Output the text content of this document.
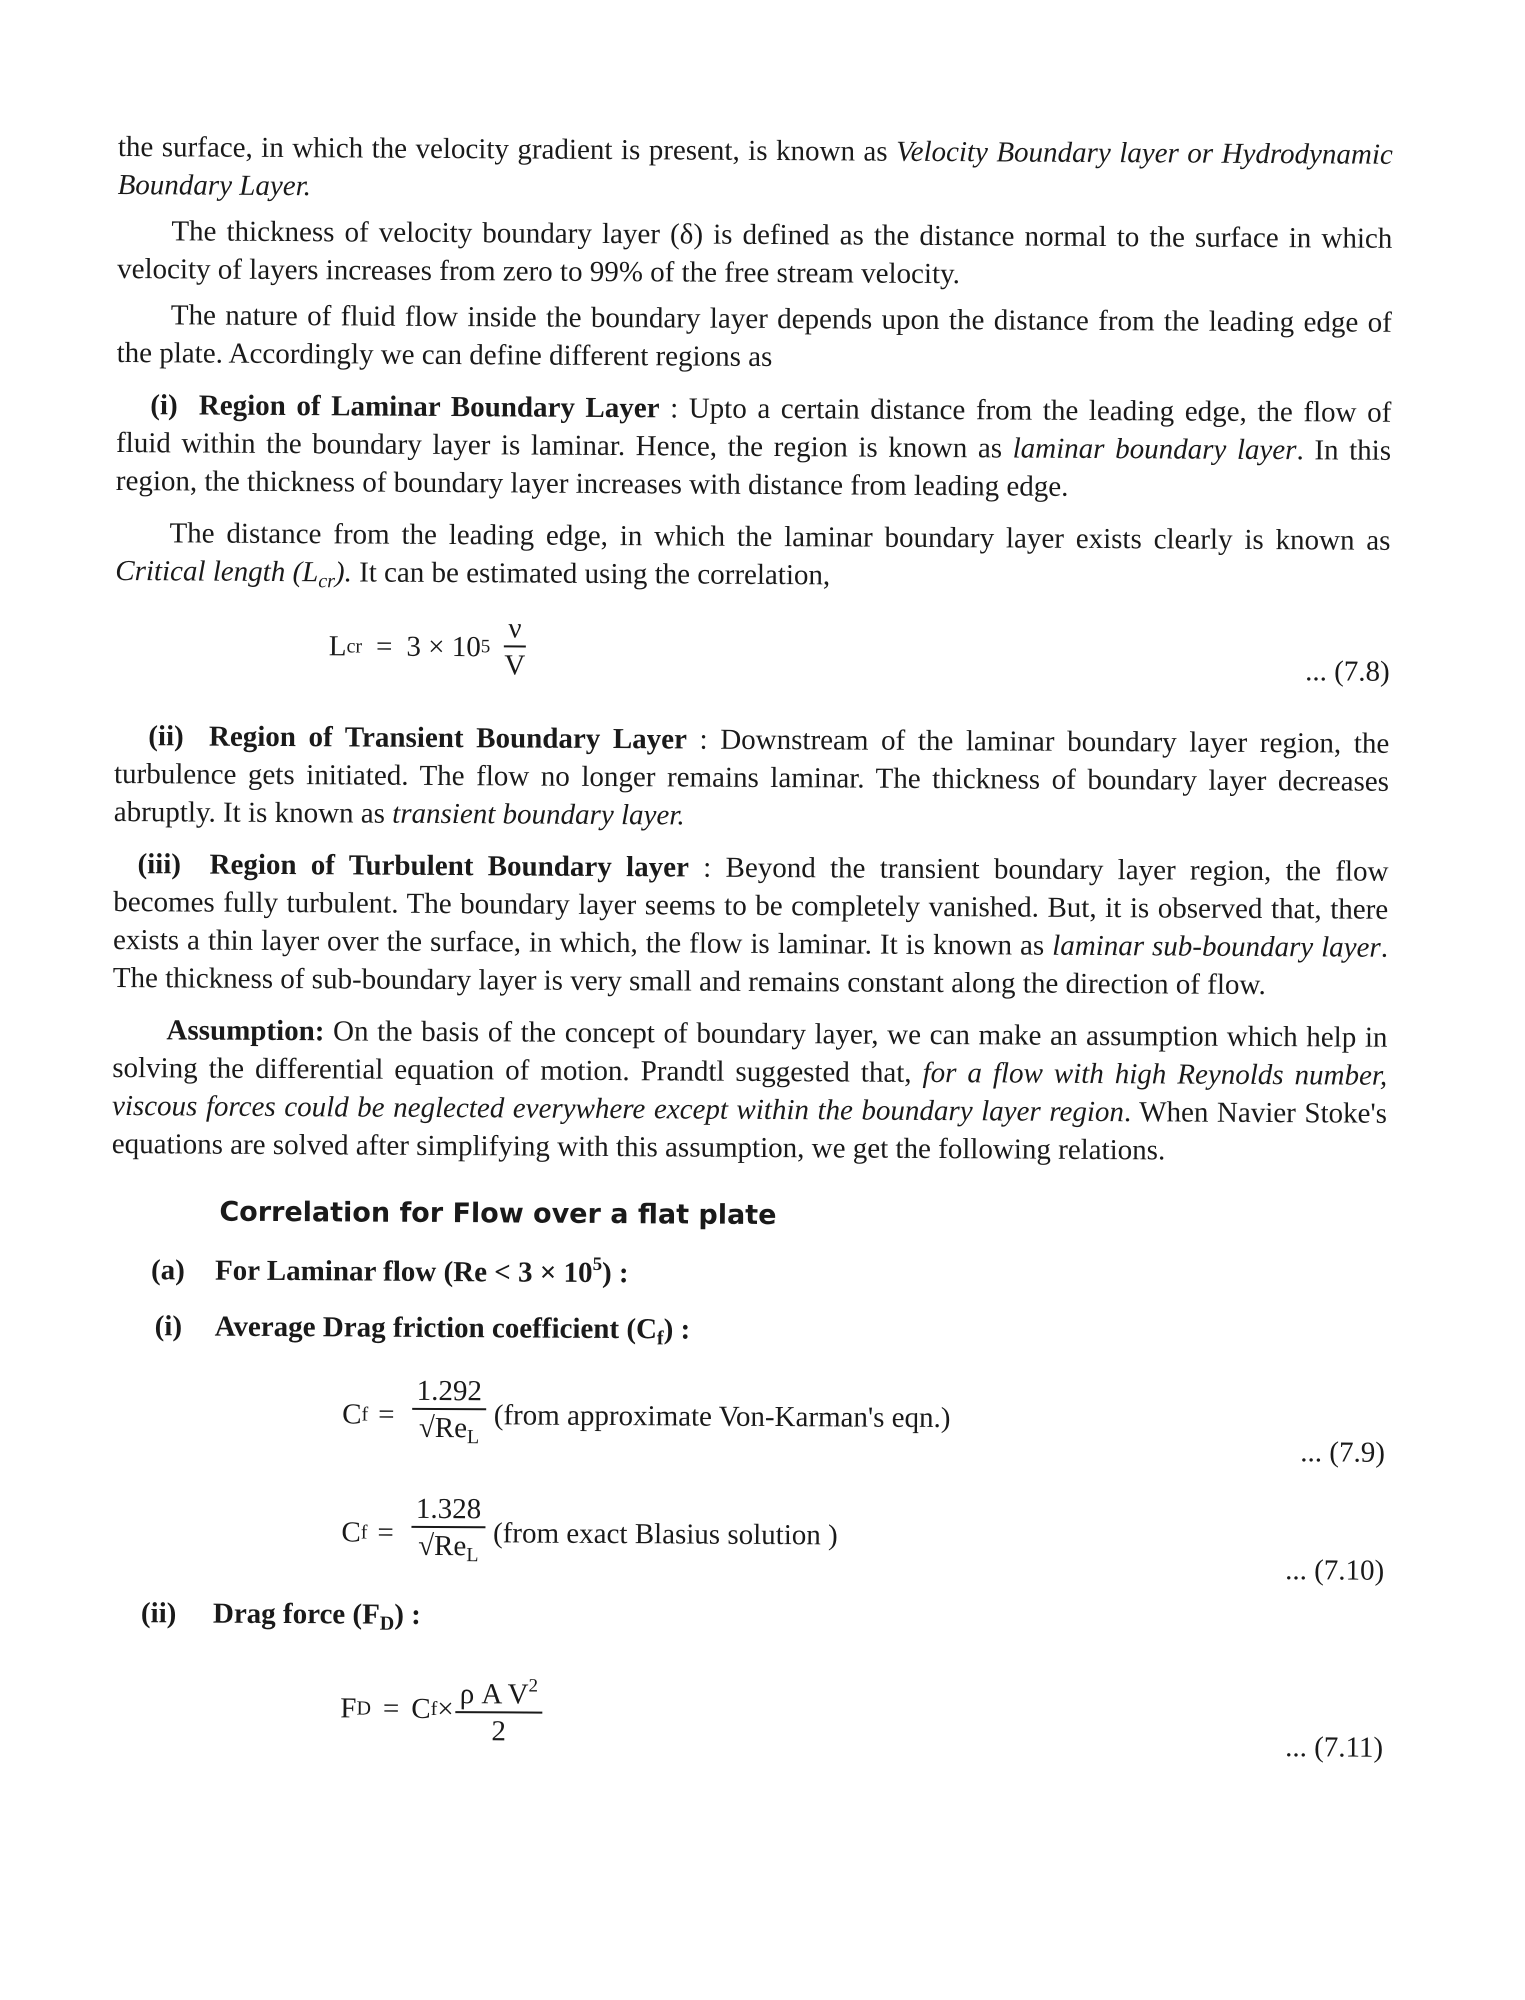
the surface, in which the velocity gradient is present, is known as Velocity Boundary layer or Hydrodynamic Boundary Layer.

The thickness of velocity boundary layer (δ) is defined as the distance normal to the surface in which velocity of layers increases from zero to 99% of the free stream velocity.

The nature of fluid flow inside the boundary layer depends upon the distance from the leading edge of the plate. Accordingly we can define different regions as

(i) Region of Laminar Boundary Layer : Upto a certain distance from the leading edge, the flow of fluid within the boundary layer is laminar. Hence, the region is known as laminar boundary layer. In this region, the thickness of boundary layer increases with distance from leading edge.

The distance from the leading edge, in which the laminar boundary layer exists clearly is known as Critical length $(L_{cr})$. It can be estimated using the correlation,

L cr = 3 × 10 $5 \frac{\nu}{V}$	... (7.8)

(ii) Region of Transient Boundary Layer : Downstream of the laminar boundary layer region, the turbulence gets initiated. The flow no longer remains laminar. The thickness of boundary layer decreases abruptly. It is known as transient boundary layer.

(iii) Region of Turbulent Boundary layer : Beyond the transient boundary layer region, the flow becomes fully turbulent. The boundary layer seems to be completely vanished. But, it is observed that, there exists a thin layer over the surface, in which, the flow is laminar. It is known as laminar sub-boundary layer. The thickness of sub-boundary layer is very small and remains constant along the direction of flow.

Assumption: On the basis of the concept of boundary layer, we can make an assumption which help in solving the differential equation of motion. Prandtl suggested that, for a flow with high Reynolds number, viscous forces could be neglected everywhere except within the boundary layer region. When Navier Stoke's equations are solved after simplifying with this assumption, we get the following relations.

Correlation for Flow over a flat plate
(a) For Laminar flow $(Re < 3 \times 10^5)$ :
(i) Average Drag friction coefficient $(C_f)$ :
C $f = \frac{1.292}{√Re_L}$ (from approximate Von-Karman's eqn.)
... (7.9)
C $f = \frac{1.328}{√Re_L}$ (from exact Blasius solution )
... (7.10)
(ii) Drag force $(F_D)$ :
F D = C $f \times \frac{\rho A V^2}{2}$	... (7.11)
